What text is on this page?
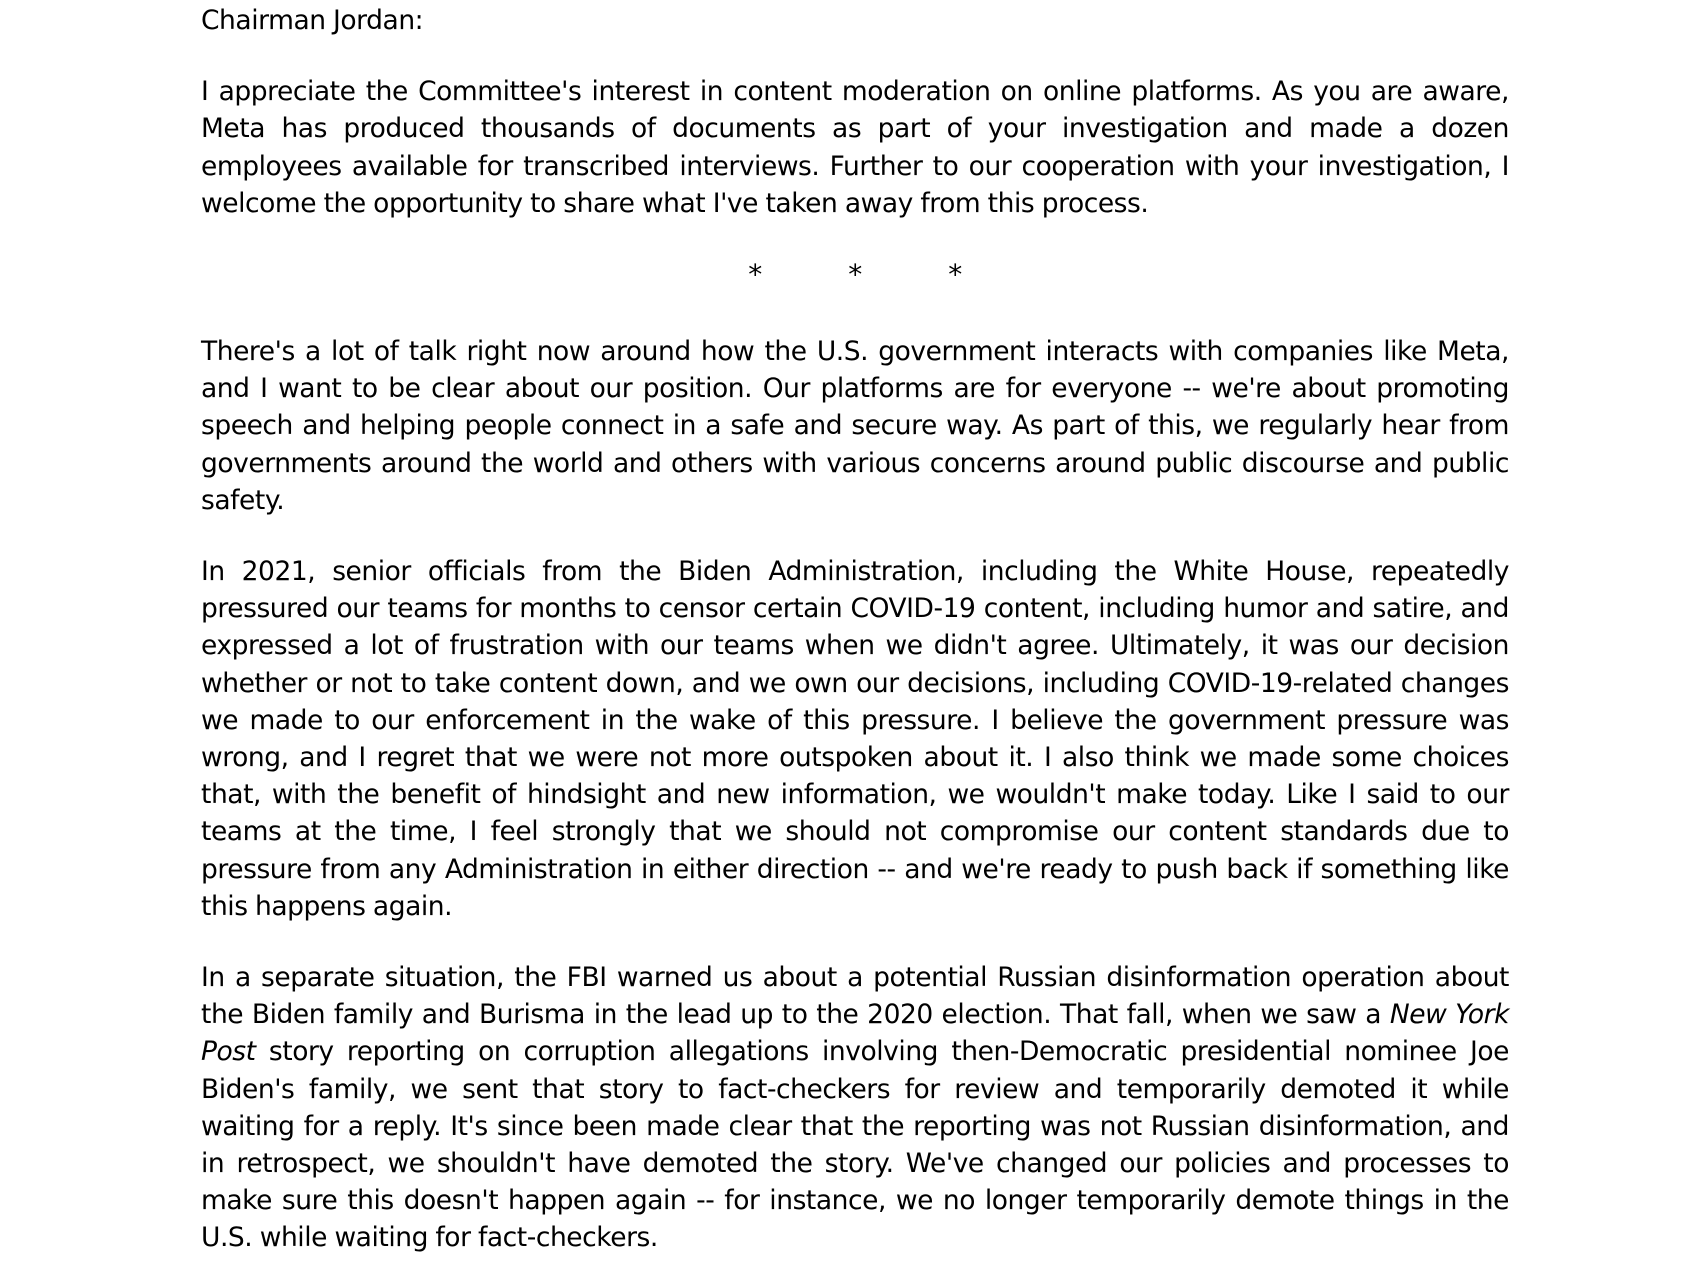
Chairman Jordan:

I appreciate the Committee's interest in content moderation on online platforms. As you are aware, Meta has produced thousands of documents as part of your investigation and made a dozen employees available for transcribed interviews. Further to our cooperation with your investigation, I welcome the opportunity to share what I've taken away from this process.

*	*	*

There's a lot of talk right now around how the U.S. government interacts with companies like Meta, and I want to be clear about our position. Our platforms are for everyone -- we're about promoting speech and helping people connect in a safe and secure way. As part of this, we regularly hear from governments around the world and others with various concerns around public discourse and public safety.

In 2021, senior officials from the Biden Administration, including the White House, repeatedly pressured our teams for months to censor certain COVID-19 content, including humor and satire, and expressed a lot of frustration with our teams when we didn't agree. Ultimately, it was our decision whether or not to take content down, and we own our decisions, including COVID-19-related changes we made to our enforcement in the wake of this pressure. I believe the government pressure was wrong, and I regret that we were not more outspoken about it. I also think we made some choices that, with the benefit of hindsight and new information, we wouldn't make today. Like I said to our teams at the time, I feel strongly that we should not compromise our content standards due to pressure from any Administration in either direction -- and we're ready to push back if something like this happens again.

In a separate situation, the FBI warned us about a potential Russian disinformation operation about the Biden family and Burisma in the lead up to the 2020 election. That fall, when we saw a New York Post story reporting on corruption allegations involving then-Democratic presidential nominee Joe Biden's family, we sent that story to fact-checkers for review and temporarily demoted it while waiting for a reply. It's since been made clear that the reporting was not Russian disinformation, and in retrospect, we shouldn't have demoted the story. We've changed our policies and processes to make sure this doesn't happen again -- for instance, we no longer temporarily demote things in the U.S. while waiting for fact-checkers.
